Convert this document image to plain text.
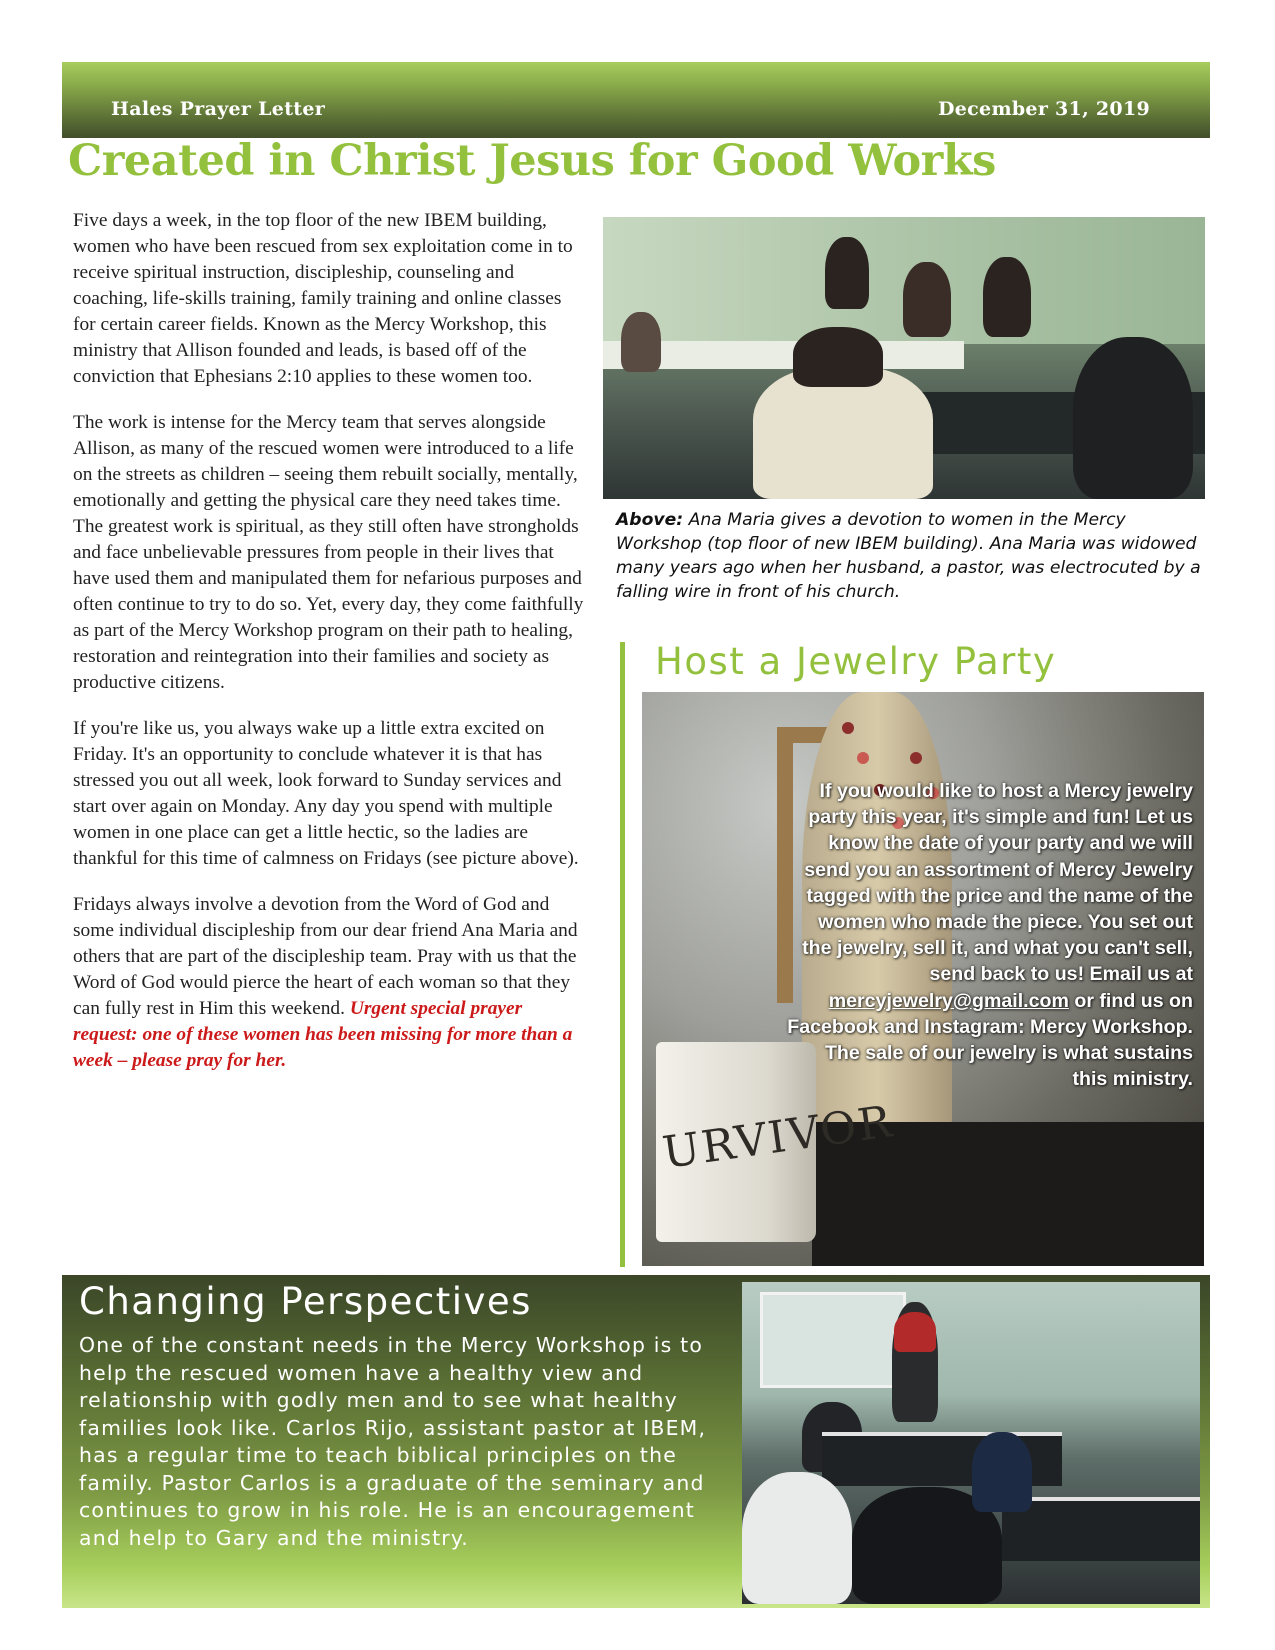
Hales Prayer Letter	December 31, 2019
Created in Christ Jesus for Good Works

Five days a week, in the top floor of the new IBEM building, women who have been rescued from sex exploitation come in to receive spiritual instruction, discipleship, counseling and coaching, life-skills training, family training and online classes for certain career fields. Known as the Mercy Workshop, this ministry that Allison founded and leads, is based off of the conviction that Ephesians 2:10 applies to these women too.

The work is intense for the Mercy team that serves alongside Allison, as many of the rescued women were introduced to a life on the streets as children – seeing them rebuilt socially, mentally, emotionally and getting the physical care they need takes time. The greatest work is spiritual, as they still often have strongholds and face unbelievable pressures from people in their lives that have used them and manipulated them for nefarious purposes and often continue to try to do so. Yet, every day, they come faithfully as part of the Mercy Workshop program on their path to healing, restoration and reintegration into their families and society as productive citizens.

If you're like us, you always wake up a little extra excited on Friday. It's an opportunity to conclude whatever it is that has stressed you out all week, look forward to Sunday services and start over again on Monday. Any day you spend with multiple women in one place can get a little hectic, so the ladies are thankful for this time of calmness on Fridays (see picture above).

Fridays always involve a devotion from the Word of God and some individual discipleship from our dear friend Ana Maria and others that are part of the discipleship team. Pray with us that the Word of God would pierce the heart of each woman so that they can fully rest in Him this weekend. Urgent special prayer request: one of these women has been missing for more than a week – please pray for her.

Above: Ana Maria gives a devotion to women in the Mercy Workshop (top floor of new IBEM building). Ana Maria was widowed many years ago when her husband, a pastor, was electrocuted by a falling wire in front of his church.
Host a Jewelry Party
URVIVOR
If you would like to host a Mercy jewelry party this year, it's simple and fun! Let us know the date of your party and we will send you an assortment of Mercy Jewelry tagged with the price and the name of the women who made the piece. You set out the jewelry, sell it, and what you can't sell, send back to us! Email us at mercyjewelry@gmail.com or find us on Facebook and Instagram: Mercy Workshop. The sale of our jewelry is what sustains this ministry.
Changing Perspectives
One of the constant needs in the Mercy Workshop is to help the rescued women have a healthy view and relationship with godly men and to see what healthy families look like. Carlos Rijo, assistant pastor at IBEM, has a regular time to teach biblical principles on the family. Pastor Carlos is a graduate of the seminary and continues to grow in his role. He is an encouragement and help to Gary and the ministry.
